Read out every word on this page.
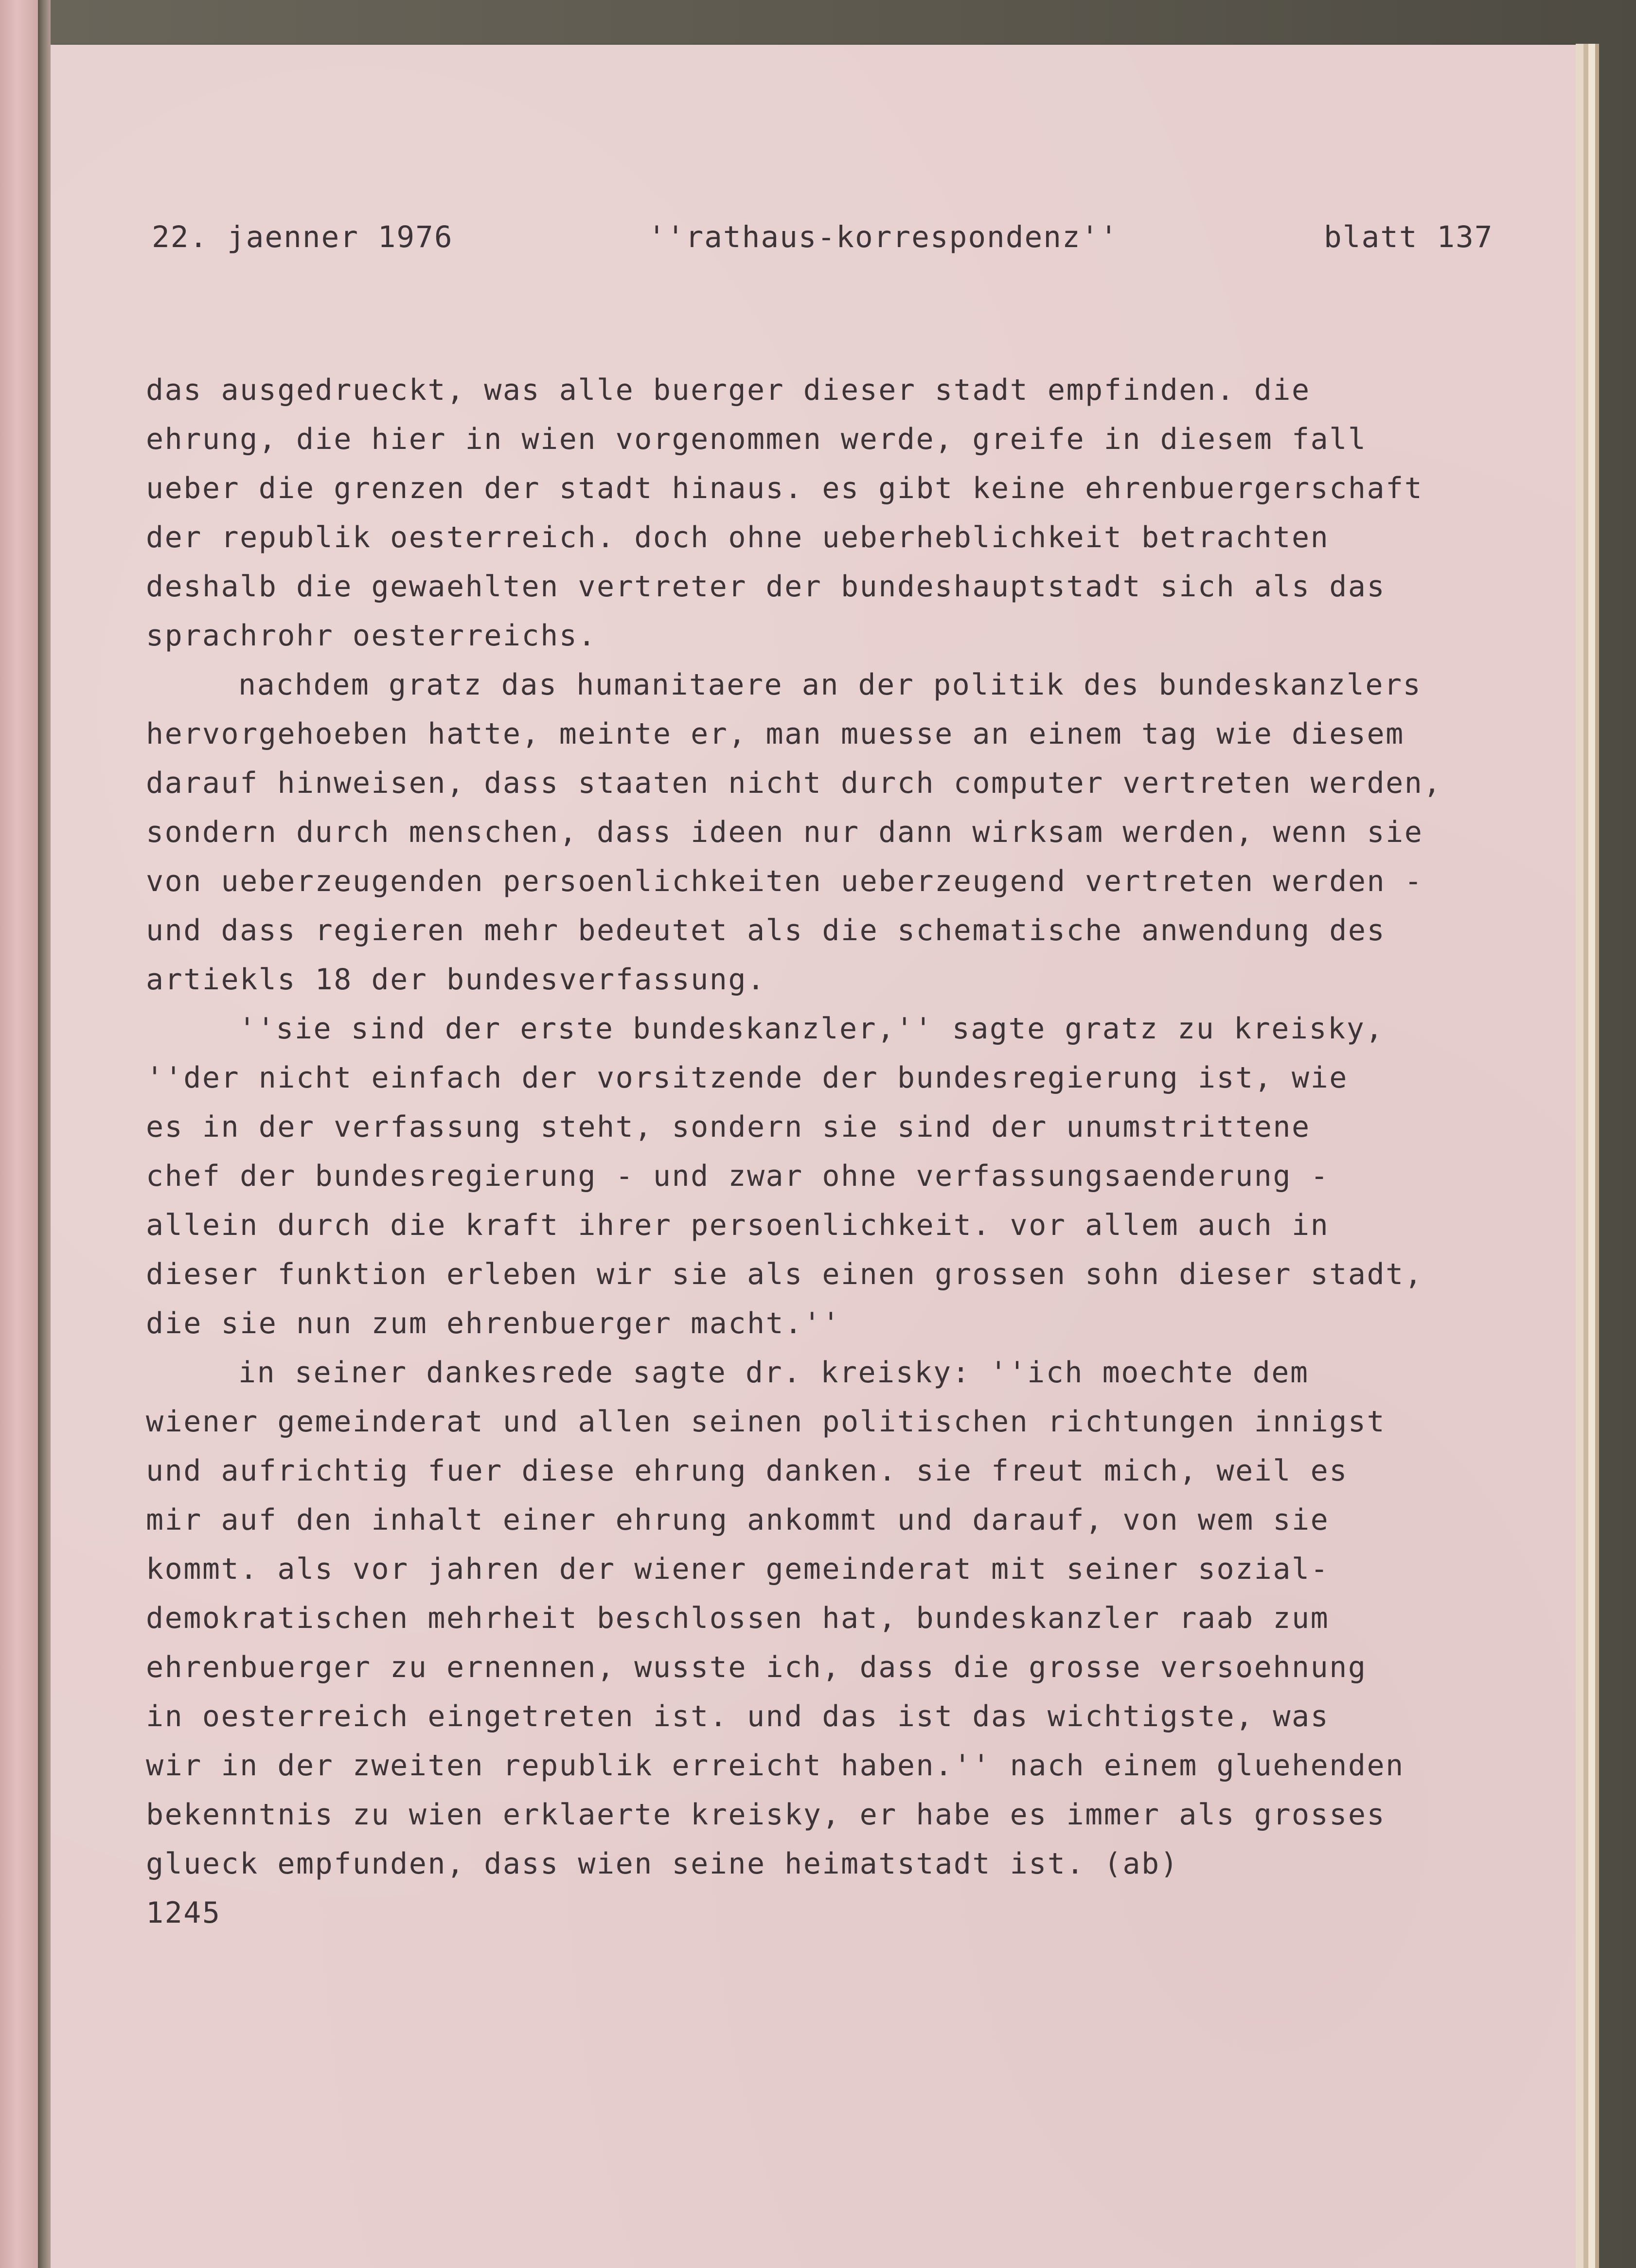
22. jaenner 1976	''rathaus-korrespondenz''	blatt 137

das ausgedrueckt, was alle buerger dieser stadt empfinden. die
ehrung, die hier in wien vorgenommen werde, greife in diesem fall
ueber die grenzen der stadt hinaus. es gibt keine ehrenbuergerschaft
der republik oesterreich. doch ohne ueberheblichkeit betrachten
deshalb die gewaehlten vertreter der bundeshauptstadt sich als das
sprachrohr oesterreichs.
nachdem gratz das humanitaere an der politik des bundeskanzlers
hervorgehoeben hatte, meinte er, man muesse an einem tag wie diesem
darauf hinweisen, dass staaten nicht durch computer vertreten werden,
sondern durch menschen, dass ideen nur dann wirksam werden, wenn sie
von ueberzeugenden persoenlichkeiten ueberzeugend vertreten werden -
und dass regieren mehr bedeutet als die schematische anwendung des
artiekls 18 der bundesverfassung.
''sie sind der erste bundeskanzler,'' sagte gratz zu kreisky,
''der nicht einfach der vorsitzende der bundesregierung ist, wie
es in der verfassung steht, sondern sie sind der unumstrittene
chef der bundesregierung - und zwar ohne verfassungsaenderung -
allein durch die kraft ihrer persoenlichkeit. vor allem auch in
dieser funktion erleben wir sie als einen grossen sohn dieser stadt,
die sie nun zum ehrenbuerger macht.''
in seiner dankesrede sagte dr. kreisky: ''ich moechte dem
wiener gemeinderat und allen seinen politischen richtungen innigst
und aufrichtig fuer diese ehrung danken. sie freut mich, weil es
mir auf den inhalt einer ehrung ankommt und darauf, von wem sie
kommt. als vor jahren der wiener gemeinderat mit seiner sozial-
demokratischen mehrheit beschlossen hat, bundeskanzler raab zum
ehrenbuerger zu ernennen, wusste ich, dass die grosse versoehnung
in oesterreich eingetreten ist. und das ist das wichtigste, was
wir in der zweiten republik erreicht haben.'' nach einem gluehenden
bekenntnis zu wien erklaerte kreisky, er habe es immer als grosses
glueck empfunden, dass wien seine heimatstadt ist. (ab)
1245
